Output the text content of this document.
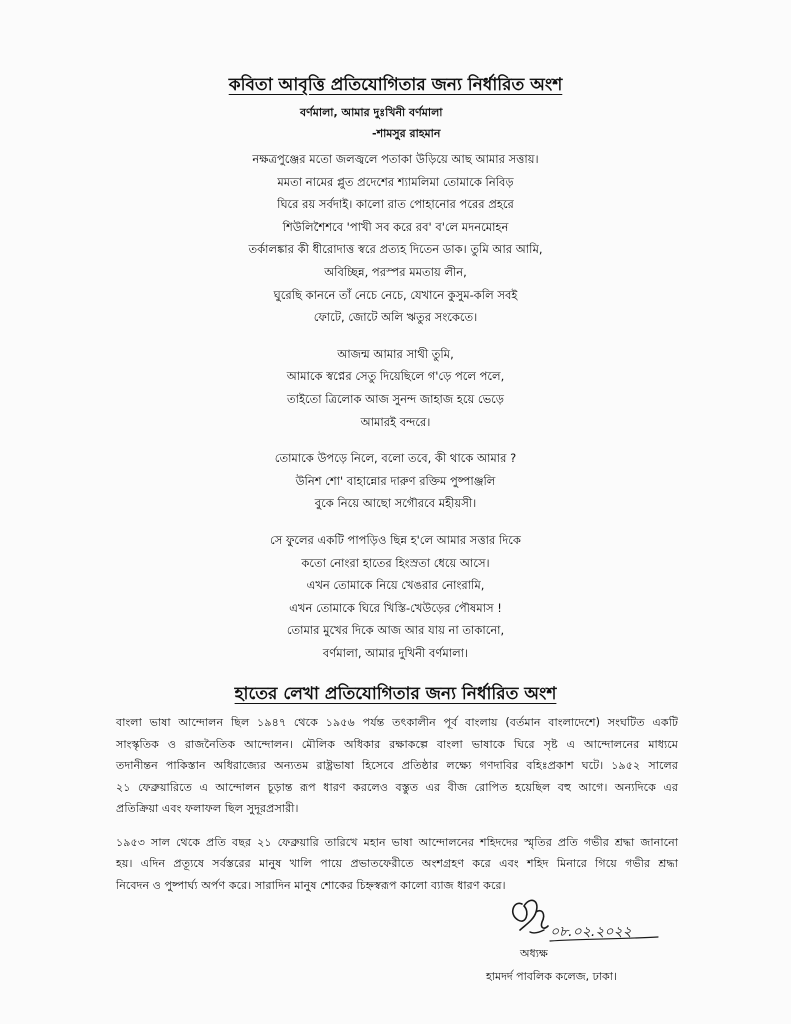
কবিতা আবৃত্তি প্রতিযোগিতার জন্য নির্ধারিত অংশ
বর্ণমালা, আমার দুঃখিনী বর্ণমালা
-শামসুর রাহমান
নক্ষত্রপুঞ্জের মতো জলজ্বলে পতাকা উড়িয়ে আছ আমার সত্তায়।
মমতা নামের প্লুত প্রদেশের শ্যামলিমা তোমাকে নিবিড়
ঘিরে রয় সর্বদাই। কালো রাত পোহানোর পরের প্রহরে
শিউলিশৈশবে 'পাখী সব করে রব' ব'লে মদনমোহন
তর্কালঙ্কার কী ধীরোদাত্ত স্বরে প্রত্যহ দিতেন ডাক। তুমি আর আমি,
অবিচ্ছিন্ন, পরস্পর মমতায় লীন,
ঘুরেছি কাননে তাঁ নেচে নেচে, যেখানে কুসুম-কলি সবই
ফোটে, জোটে অলি ঋতুর সংকেতে।
আজন্ম আমার সাথী তুমি,
আমাকে স্বপ্নের সেতু দিয়েছিলে গ'ড়ে পলে পলে,
তাইতো ত্রিলোক আজ সুনন্দ জাহাজ হয়ে ভেড়ে
আমারই বন্দরে।
তোমাকে উপড়ে নিলে, বলো তবে, কী থাকে আমার ?
উনিশ শো' বাহান্নোর দারুণ রক্তিম পুষ্পাঞ্জলি
বুকে নিয়ে আছো সগৌরবে মহীয়সী।
সে ফুলের একটি পাপড়িও ছিন্ন হ'লে আমার সত্তার দিকে
কতো নোংরা হাতের হিংস্রতা ধেয়ে আসে।
এখন তোমাকে নিয়ে খেঙরার নোংরামি,
এখন তোমাকে ঘিরে খিস্তি-খেউড়ের পৌষমাস !
তোমার মুখের দিকে আজ আর যায় না তাকানো,
বর্ণমালা, আমার দুখিনী বর্ণমালা।
হাতের লেখা প্রতিযোগিতার জন্য নির্ধারিত অংশ
বাংলা ভাষা আন্দোলন ছিল ১৯৪৭ থেকে ১৯৫৬ পর্যন্ত তৎকালীন পূর্ব বাংলায় (বর্তমান বাংলাদেশে) সংঘটিত একটি
সাংস্কৃতিক ও রাজনৈতিক আন্দোলন। মৌলিক অধিকার রক্ষাকল্পে বাংলা ভাষাকে ঘিরে সৃষ্ট এ আন্দোলনের মাধ্যমে
তদানীন্তন পাকিস্তান অধিরাজ্যের অন্যতম রাষ্ট্রভাষা হিসেবে প্রতিষ্ঠার লক্ষ্যে গণদাবির বহিঃপ্রকাশ ঘটে। ১৯৫২ সালের
২১ ফেব্রুয়ারিতে এ আন্দোলন চূড়ান্ত রূপ ধারণ করলেও বস্তুত এর বীজ রোপিত হয়েছিল বহু আগে। অন্যদিকে এর
প্রতিক্রিয়া এবং ফলাফল ছিল সুদূরপ্রসারী।
১৯৫৩ সাল থেকে প্রতি বছর ২১ ফেব্রুয়ারি তারিখে মহান ভাষা আন্দোলনের শহিদদের স্মৃতির প্রতি গভীর শ্রদ্ধা জানানো
হয়। এদিন প্রত্যূষে সর্বস্তরের মানুষ খালি পায়ে প্রভাতফেরীতে অংশগ্রহণ করে এবং শহিদ মিনারে গিয়ে গভীর শ্রদ্ধা
নিবেদন ও পুষ্পার্ঘ্য অর্পণ করে। সারাদিন মানুষ শোকের চিহ্নস্বরূপ কালো ব্যাজ ধারণ করে।
০৮.০২.২০২২
অধ্যক্ষ
হামদর্দ পাবলিক কলেজ, ঢাকা।
